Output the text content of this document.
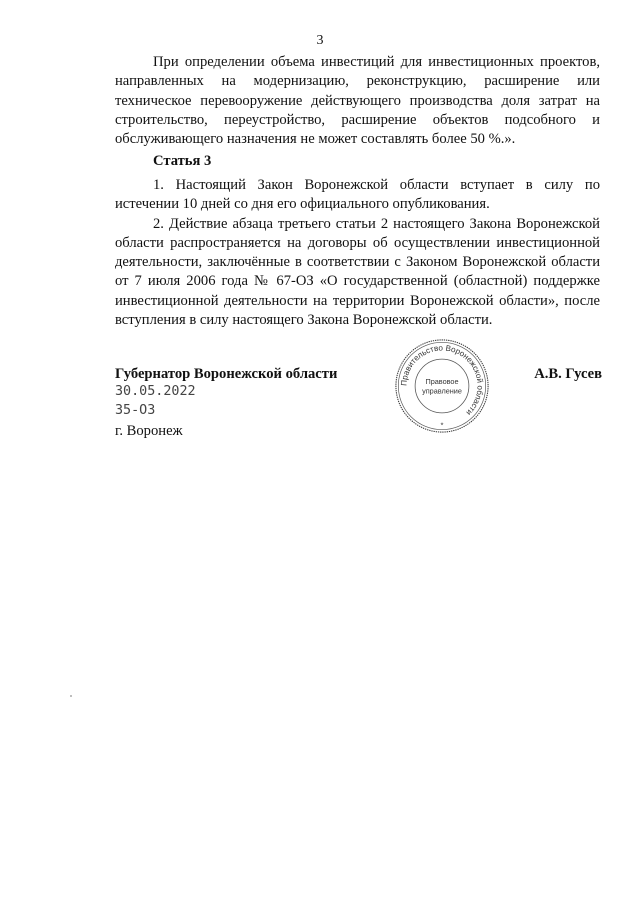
3

При определении объема инвестиций для инвестиционных проектов, направленных на модернизацию, реконструкцию, расширение или техническое перевооружение действующего производства доля затрат на строительство, переустройство, расширение объектов подсобного и обслуживающего назначения не может составлять более 50 %.».

Статья 3

1. Настоящий Закон Воронежской области вступает в силу по истечении 10 дней со дня его официального опубликования.

2. Действие абзаца третьего статьи 2 настоящего Закона Воронежской области распространяется на договоры об осуществлении инвестиционной деятельности, заключённые в соответствии с Законом Воронежской области от 7 июля 2006 года № 67-ОЗ «О государственной (областной) поддержке инвестиционной деятельности на территории Воронежской области», после вступления в силу настоящего Закона Воронежской области.

Губернатор Воронежской области	А.В. Гусев
30.05.2022
35-ОЗ
г. Воронеж
Правительство Воронежской области
Правовое
управление
*
